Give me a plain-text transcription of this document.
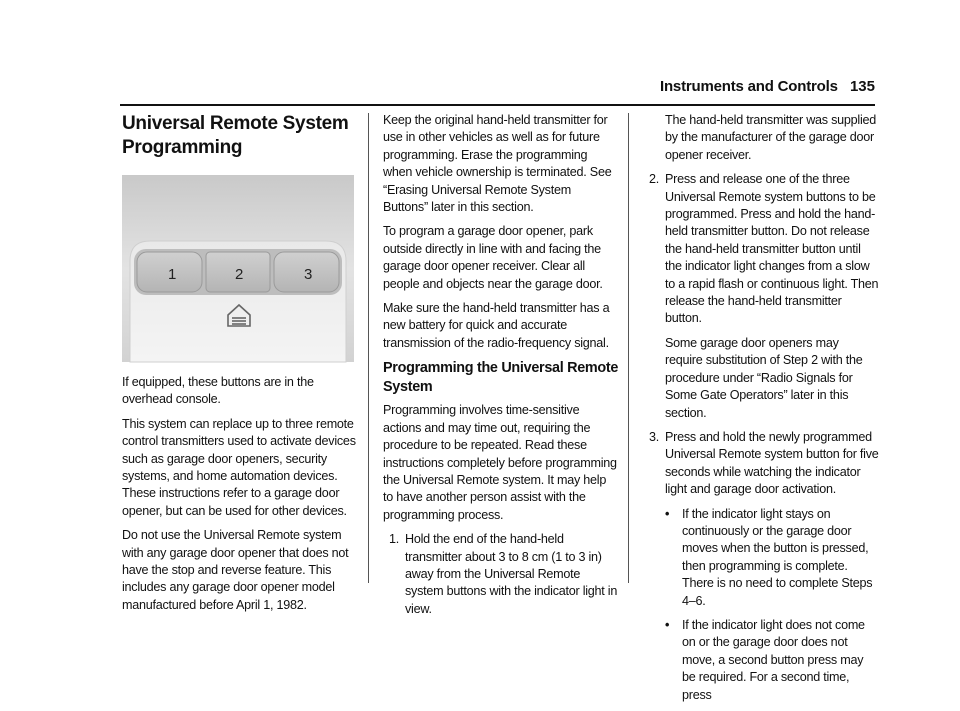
Instruments and Controls 135
Universal Remote System
Programming
1	2	3

If equipped, these buttons are in the overhead console.

This system can replace up to three remote control transmitters used to activate devices such as garage door openers, security systems, and home automation devices. These instructions refer to a garage door opener, but can be used for other devices.

Do not use the Universal Remote system with any garage door opener that does not have the stop and reverse feature. This includes any garage door opener model manufactured before April 1, 1982.

Keep the original hand-held transmitter for use in other vehicles as well as for future programming. Erase the programming when vehicle ownership is terminated. See “Erasing Universal Remote System Buttons” later in this section.

To program a garage door opener, park outside directly in line with and facing the garage door opener receiver. Clear all people and objects near the garage door.

Make sure the hand-held transmitter has a new battery for quick and accurate transmission of the radio-frequency signal.

Programming the Universal Remote System

Programming involves time-sensitive actions and may time out, requiring the procedure to be repeated. Read these instructions completely before programming the Universal Remote system. It may help to have another person assist with the programming process.

1. Hold the end of the hand-held transmitter about 3 to 8 cm (1 to 3 in) away from the Universal Remote system buttons with the indicator light in view.
The hand-held transmitter was supplied by the manufacturer of the garage door opener receiver.
2. Press and release one of the three Universal Remote system buttons to be programmed. Press and hold the hand-held transmitter button. Do not release the hand-held transmitter button until the indicator light changes from a slow to a rapid flash or continuous light. Then release the hand-held transmitter button.

Some garage door openers may require substitution of Step 2 with the procedure under “Radio Signals for Some Gate Operators” later in this section.

3. Press and hold the newly programmed Universal Remote system button for five seconds while watching the indicator light and garage door activation.
• If the indicator light stays on continuously or the garage door moves when the button is pressed, then programming is complete. There is no need to complete Steps 4–6.
• If the indicator light does not come on or the garage door does not move, a second button press may be required. For a second time, press
